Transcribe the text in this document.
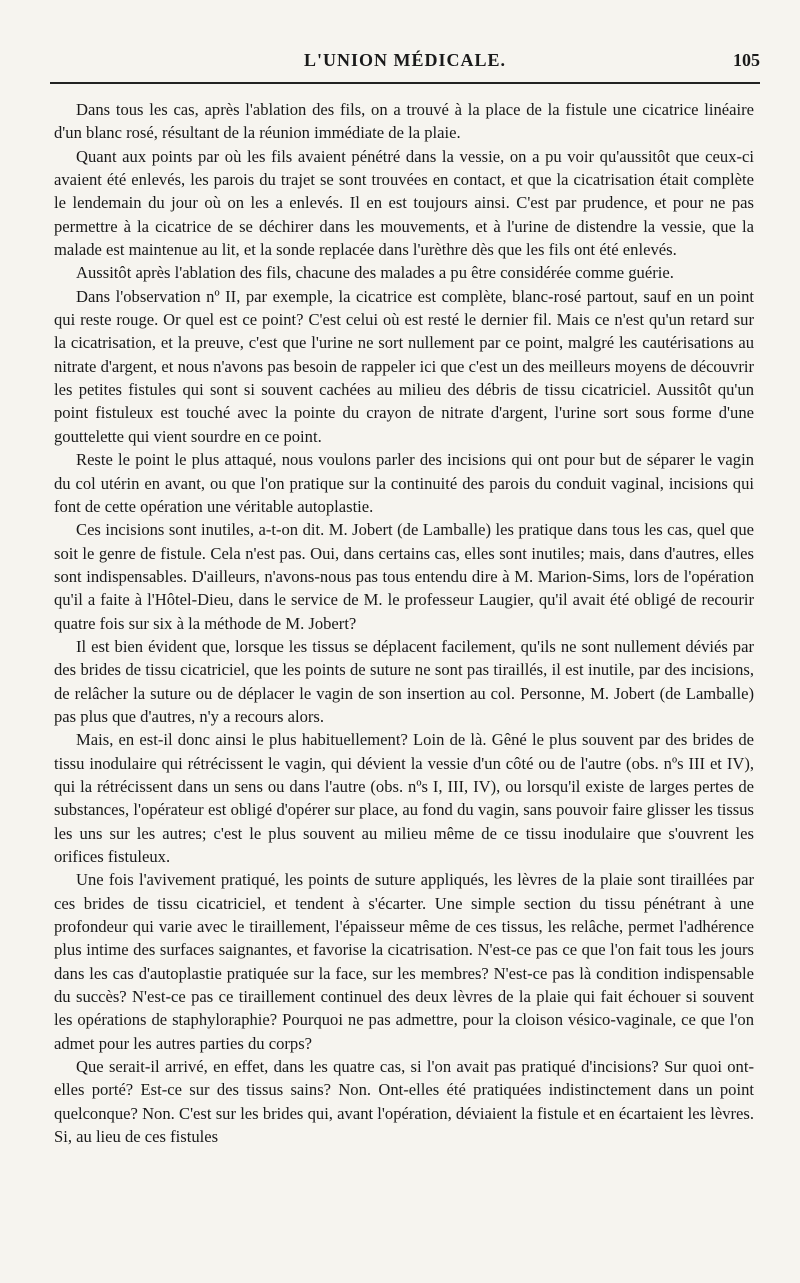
L'UNION MÉDICALE.	105

Dans tous les cas, après l'ablation des fils, on a trouvé à la place de la fistule une cicatrice linéaire d'un blanc rosé, résultant de la réunion immédiate de la plaie.

Quant aux points par où les fils avaient pénétré dans la vessie, on a pu voir qu'aussitôt que ceux-ci avaient été enlevés, les parois du trajet se sont trouvées en contact, et que la cicatrisation était complète le lendemain du jour où on les a enlevés. Il en est toujours ainsi. C'est par prudence, et pour ne pas permettre à la cicatrice de se déchirer dans les mouvements, et à l'urine de distendre la vessie, que la malade est maintenue au lit, et la sonde replacée dans l'urèthre dès que les fils ont été enlevés.

Aussitôt après l'ablation des fils, chacune des malades a pu être considérée comme guérie.

Dans l'observation nº II, par exemple, la cicatrice est complète, blanc-rosé partout, sauf en un point qui reste rouge. Or quel est ce point? C'est celui où est resté le dernier fil. Mais ce n'est qu'un retard sur la cicatrisation, et la preuve, c'est que l'urine ne sort nullement par ce point, malgré les cautérisations au nitrate d'argent, et nous n'avons pas besoin de rappeler ici que c'est un des meilleurs moyens de découvrir les petites fistules qui sont si souvent cachées au milieu des débris de tissu cicatriciel. Aussitôt qu'un point fistuleux est touché avec la pointe du crayon de nitrate d'argent, l'urine sort sous forme d'une gouttelette qui vient sourdre en ce point.

Reste le point le plus attaqué, nous voulons parler des incisions qui ont pour but de séparer le vagin du col utérin en avant, ou que l'on pratique sur la continuité des parois du conduit vaginal, incisions qui font de cette opération une véritable autoplastie.

Ces incisions sont inutiles, a-t-on dit. M. Jobert (de Lamballe) les pratique dans tous les cas, quel que soit le genre de fistule. Cela n'est pas. Oui, dans certains cas, elles sont inutiles; mais, dans d'autres, elles sont indispensables. D'ailleurs, n'avons-nous pas tous entendu dire à M. Marion-Sims, lors de l'opération qu'il a faite à l'Hôtel-Dieu, dans le service de M. le professeur Laugier, qu'il avait été obligé de recourir quatre fois sur six à la méthode de M. Jobert?

Il est bien évident que, lorsque les tissus se déplacent facilement, qu'ils ne sont nullement déviés par des brides de tissu cicatriciel, que les points de suture ne sont pas tiraillés, il est inutile, par des incisions, de relâcher la suture ou de déplacer le vagin de son insertion au col. Personne, M. Jobert (de Lamballe) pas plus que d'autres, n'y a recours alors.

Mais, en est-il donc ainsi le plus habituellement? Loin de là. Gêné le plus souvent par des brides de tissu inodulaire qui rétrécissent le vagin, qui dévient la vessie d'un côté ou de l'autre (obs. nºs III et IV), qui la rétrécissent dans un sens ou dans l'autre (obs. nºs I, III, IV), ou lorsqu'il existe de larges pertes de substances, l'opérateur est obligé d'opérer sur place, au fond du vagin, sans pouvoir faire glisser les tissus les uns sur les autres; c'est le plus souvent au milieu même de ce tissu inodulaire que s'ouvrent les orifices fistuleux.

Une fois l'avivement pratiqué, les points de suture appliqués, les lèvres de la plaie sont tiraillées par ces brides de tissu cicatriciel, et tendent à s'écarter. Une simple section du tissu pénétrant à une profondeur qui varie avec le tiraillement, l'épaisseur même de ces tissus, les relâche, permet l'adhérence plus intime des surfaces saignantes, et favorise la cicatrisation. N'est-ce pas ce que l'on fait tous les jours dans les cas d'autoplastie pratiquée sur la face, sur les membres? N'est-ce pas là condition indispensable du succès? N'est-ce pas ce tiraillement continuel des deux lèvres de la plaie qui fait échouer si souvent les opérations de staphyloraphie? Pourquoi ne pas admettre, pour la cloison vésico-vaginale, ce que l'on admet pour les autres parties du corps?

Que serait-il arrivé, en effet, dans les quatre cas, si l'on avait pas pratiqué d'incisions? Sur quoi ont-elles porté? Est-ce sur des tissus sains? Non. Ont-elles été pratiquées indistinctement dans un point quelconque? Non. C'est sur les brides qui, avant l'opération, déviaient la fistule et en écartaient les lèvres. Si, au lieu de ces fistules
